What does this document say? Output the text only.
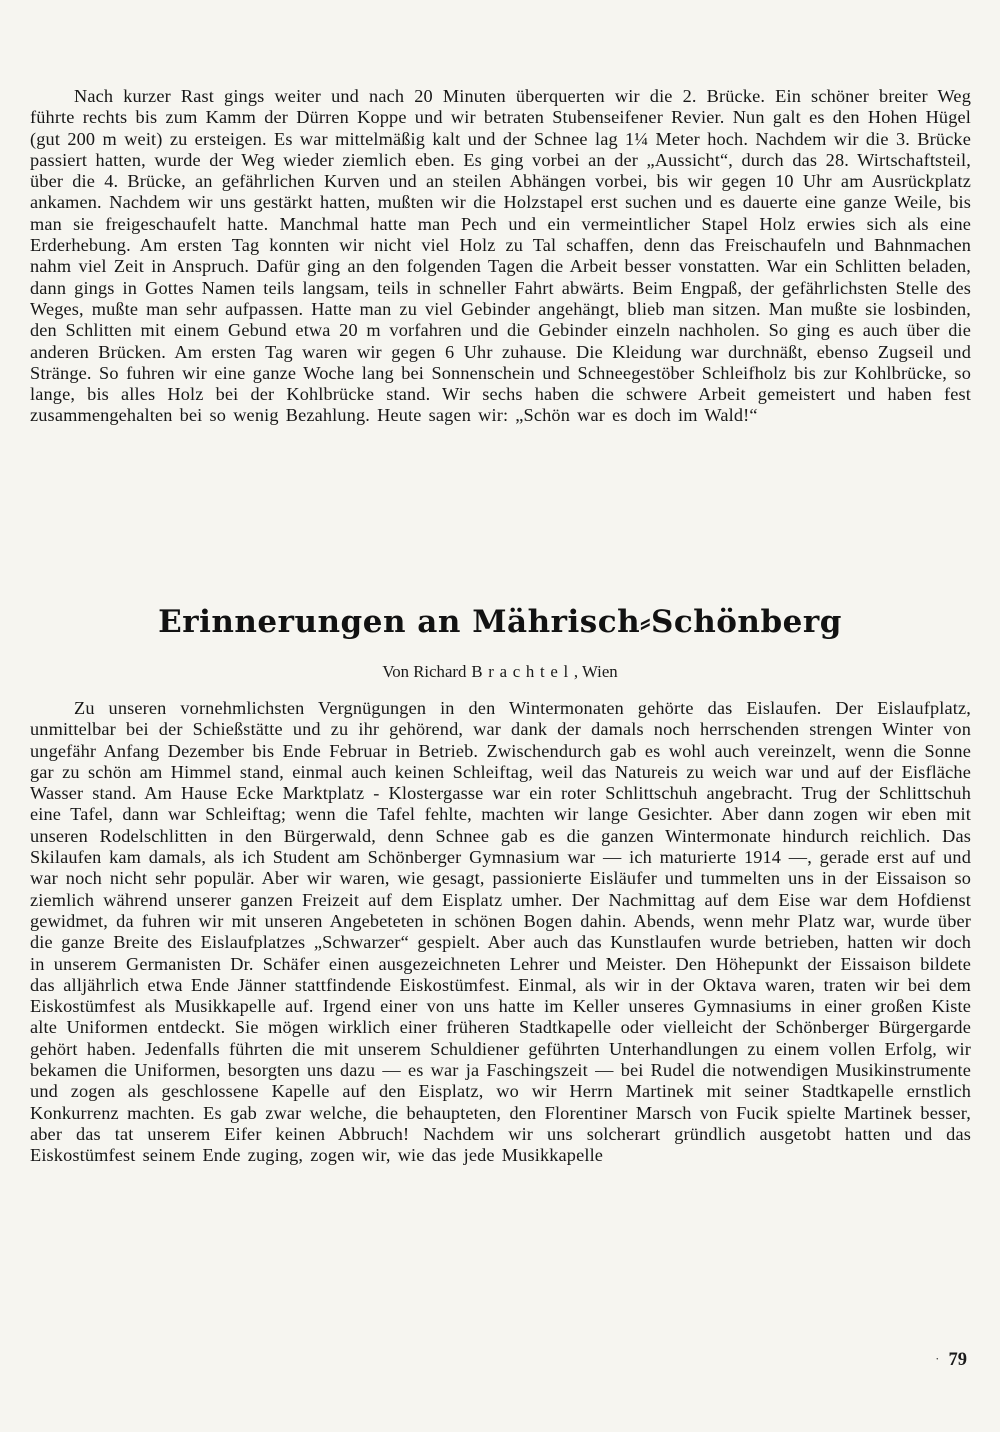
Nach kurzer Rast gings weiter und nach 20 Minuten überquerten wir die 2. Brücke. Ein schöner breiter Weg führte rechts bis zum Kamm der Dürren Koppe und wir betraten Stubenseifener Revier. Nun galt es den Hohen Hügel (gut 200 m weit) zu ersteigen. Es war mittelmäßig kalt und der Schnee lag 1¼ Meter hoch. Nachdem wir die 3. Brücke passiert hatten, wurde der Weg wieder ziemlich eben. Es ging vorbei an der „Aussicht“, durch das 28. Wirtschaftsteil, über die 4. Brücke, an gefährlichen Kurven und an steilen Abhängen vorbei, bis wir gegen 10 Uhr am Ausrückplatz ankamen. Nachdem wir uns gestärkt hatten, mußten wir die Holzstapel erst suchen und es dauerte eine ganze Weile, bis man sie freigeschaufelt hatte. Manchmal hatte man Pech und ein vermeintlicher Stapel Holz erwies sich als eine Erderhebung. Am ersten Tag konnten wir nicht viel Holz zu Tal schaffen, denn das Freischaufeln und Bahnmachen nahm viel Zeit in Anspruch. Dafür ging an den folgenden Tagen die Arbeit besser vonstatten. War ein Schlitten beladen, dann gings in Gottes Namen teils langsam, teils in schneller Fahrt abwärts. Beim Engpaß, der gefährlichsten Stelle des Weges, mußte man sehr aufpassen. Hatte man zu viel Gebinder angehängt, blieb man sitzen. Man mußte sie losbinden, den Schlitten mit einem Gebund etwa 20 m vorfahren und die Gebinder einzeln nachholen. So ging es auch über die anderen Brücken. Am ersten Tag waren wir gegen 6 Uhr zuhause. Die Kleidung war durchnäßt, ebenso Zugseil und Stränge. So fuhren wir eine ganze Woche lang bei Sonnenschein und Schneegestöber Schleifholz bis zur Kohlbrücke, so lange, bis alles Holz bei der Kohlbrücke stand. Wir sechs haben die schwere Arbeit gemeistert und haben fest zusammengehalten bei so wenig Bezahlung. Heute sagen wir: „Schön war es doch im Wald!“

Erinnerungen an Mährisch⸗Schönberg

Von Richard Brachtel, Wien

Zu unseren vornehmlichsten Vergnügungen in den Wintermonaten gehörte das Eislaufen. Der Eislaufplatz, unmittelbar bei der Schießstätte und zu ihr gehörend, war dank der damals noch herrschenden strengen Winter von ungefähr Anfang Dezember bis Ende Februar in Betrieb. Zwischendurch gab es wohl auch vereinzelt, wenn die Sonne gar zu schön am Himmel stand, einmal auch keinen Schleiftag, weil das Natureis zu weich war und auf der Eisfläche Wasser stand. Am Hause Ecke Marktplatz - Klostergasse war ein roter Schlittschuh angebracht. Trug der Schlittschuh eine Tafel, dann war Schleiftag; wenn die Tafel fehlte, machten wir lange Gesichter. Aber dann zogen wir eben mit unseren Rodelschlitten in den Bürgerwald, denn Schnee gab es die ganzen Wintermonate hindurch reichlich. Das Skilaufen kam damals, als ich Student am Schönberger Gymnasium war — ich maturierte 1914 —, gerade erst auf und war noch nicht sehr populär. Aber wir waren, wie gesagt, passionierte Eisläufer und tummelten uns in der Eissaison so ziemlich während unserer ganzen Freizeit auf dem Eisplatz umher. Der Nachmittag auf dem Eise war dem Hofdienst gewidmet, da fuhren wir mit unseren Angebeteten in schönen Bogen dahin. Abends, wenn mehr Platz war, wurde über die ganze Breite des Eislaufplatzes „Schwarzer“ gespielt. Aber auch das Kunstlaufen wurde betrieben, hatten wir doch in unserem Germanisten Dr. Schäfer einen ausgezeichneten Lehrer und Meister. Den Höhepunkt der Eissaison bildete das alljährlich etwa Ende Jänner stattfindende Eiskostümfest. Einmal, als wir in der Oktava waren, traten wir bei dem Eiskostümfest als Musikkapelle auf. Irgend einer von uns hatte im Keller unseres Gymnasiums in einer großen Kiste alte Uniformen entdeckt. Sie mögen wirklich einer früheren Stadtkapelle oder vielleicht der Schönberger Bürgergarde gehört haben. Jedenfalls führten die mit unserem Schuldiener geführten Unterhandlungen zu einem vollen Erfolg, wir bekamen die Uniformen, besorgten uns dazu — es war ja Faschingszeit — bei Rudel die notwendigen Musikinstrumente und zogen als geschlossene Kapelle auf den Eisplatz, wo wir Herrn Martinek mit seiner Stadtkapelle ernstlich Konkurrenz machten. Es gab zwar welche, die behaupteten, den Florentiner Marsch von Fucik spielte Martinek besser, aber das tat unserem Eifer keinen Abbruch! Nachdem wir uns solcherart gründlich ausgetobt hatten und das Eiskostümfest seinem Ende zuging, zogen wir, wie das jede Musikkapelle

· 79
